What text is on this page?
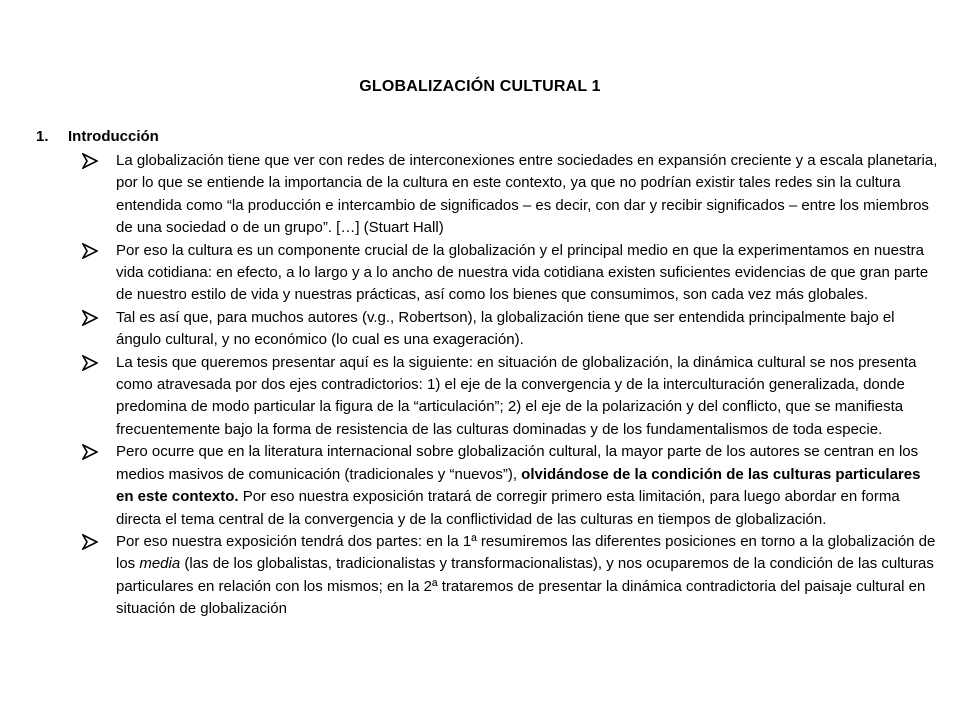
GLOBALIZACIÓN CULTURAL 1
1. Introducción
La globalización tiene que ver con redes de interconexiones entre sociedades en expansión creciente y a escala planetaria, por lo que se entiende la importancia de la cultura en este contexto, ya que no podrían existir tales redes sin la cultura entendida como “la producción e intercambio de significados – es decir, con dar y recibir significados – entre los miembros de una sociedad o de un grupo”. […] (Stuart Hall)
Por eso la cultura es un componente crucial de la globalización y el principal medio en que la experimentamos en nuestra vida cotidiana: en efecto, a lo largo y a lo ancho de nuestra vida cotidiana existen suficientes evidencias de que gran parte de nuestro estilo de vida y nuestras prácticas, así como los bienes que consumimos, son cada vez más globales.
Tal es así que, para muchos autores (v.g., Robertson), la globalización tiene que ser entendida principalmente bajo el ángulo cultural, y no económico (lo cual es una exageración).
La tesis que queremos presentar aquí es la siguiente: en situación de globalización, la dinámica cultural se nos presenta como atravesada por dos ejes contradictorios: 1) el eje de la convergencia y de la interculturación generalizada, donde predomina de modo particular la figura de la “articulación”; 2) el eje de la polarización y del conflicto, que se manifiesta frecuentemente bajo la forma de resistencia de las culturas dominadas y de los fundamentalismos de toda especie.
Pero ocurre que en la literatura internacional sobre globalización cultural, la mayor parte de los autores se centran en los medios masivos de comunicación (tradicionales y “nuevos”), olvidándose de la condición de las culturas particulares en este contexto. Por eso nuestra exposición tratará de corregir primero esta limitación, para luego abordar en forma directa el tema central de la convergencia y de la conflictividad de las culturas en tiempos de globalización.
Por eso nuestra exposición tendrá dos partes: en la 1ª resumiremos las diferentes posiciones en torno a la globalización de los media (las de los globalistas, tradicionalistas y transformacionalistas), y nos ocuparemos de la condición de las culturas particulares en relación con los mismos; en la 2ª trataremos de presentar la dinámica contradictoria del paisaje cultural en situación de globalización
